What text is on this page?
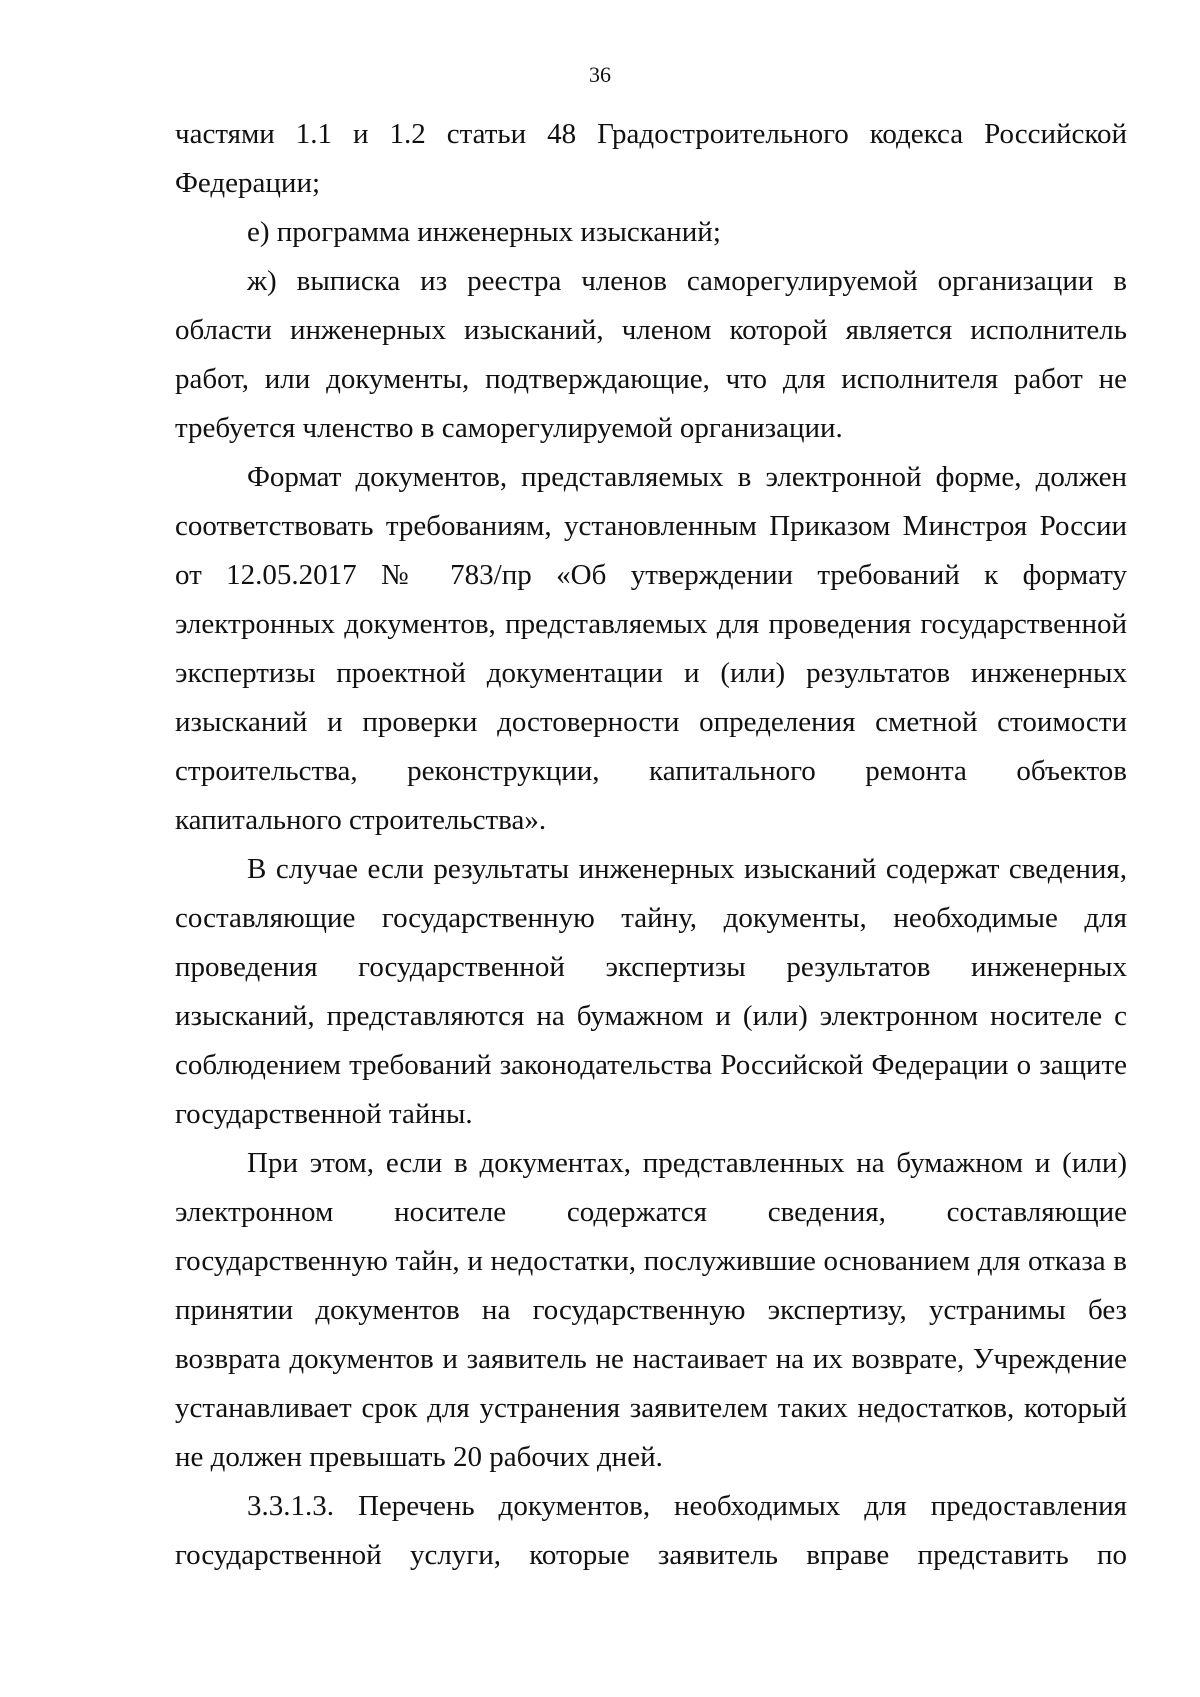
36

частями 1.1 и 1.2 статьи 48 Градостроительного кодекса Российской Федерации;

е) программа инженерных изысканий;

ж) выписка из реестра членов саморегулируемой организации в области инженерных изысканий, членом которой является исполнитель работ, или документы, подтверждающие, что для исполнителя работ не требуется членство в саморегулируемой организации.

Формат документов, представляемых в электронной форме, должен соответствовать требованиям, установленным Приказом Минстроя России от 12.05.2017 № 783/пр «Об утверждении требований к формату электронных документов, представляемых для проведения государственной экспертизы проектной документации и (или) результатов инженерных изысканий и проверки достоверности определения сметной стоимости строительства, реконструкции, капитального ремонта объектов капитального строительства».

В случае если результаты инженерных изысканий содержат сведения, составляющие государственную тайну, документы, необходимые для проведения государственной экспертизы результатов инженерных изысканий, представляются на бумажном и (или) электронном носителе с соблюдением требований законодательства Российской Федерации о защите государственной тайны.

При этом, если в документах, представленных на бумажном и (или) электронном носителе содержатся сведения, составляющие государственную тайн, и недостатки, послужившие основанием для отказа в принятии документов на государственную экспертизу, устранимы без возврата документов и заявитель не настаивает на их возврате, Учреждение устанавливает срок для устранения заявителем таких недостатков, который не должен превышать 20 рабочих дней.

3.3.1.3. Перечень документов, необходимых для предоставления государственной услуги, которые заявитель вправе представить по
